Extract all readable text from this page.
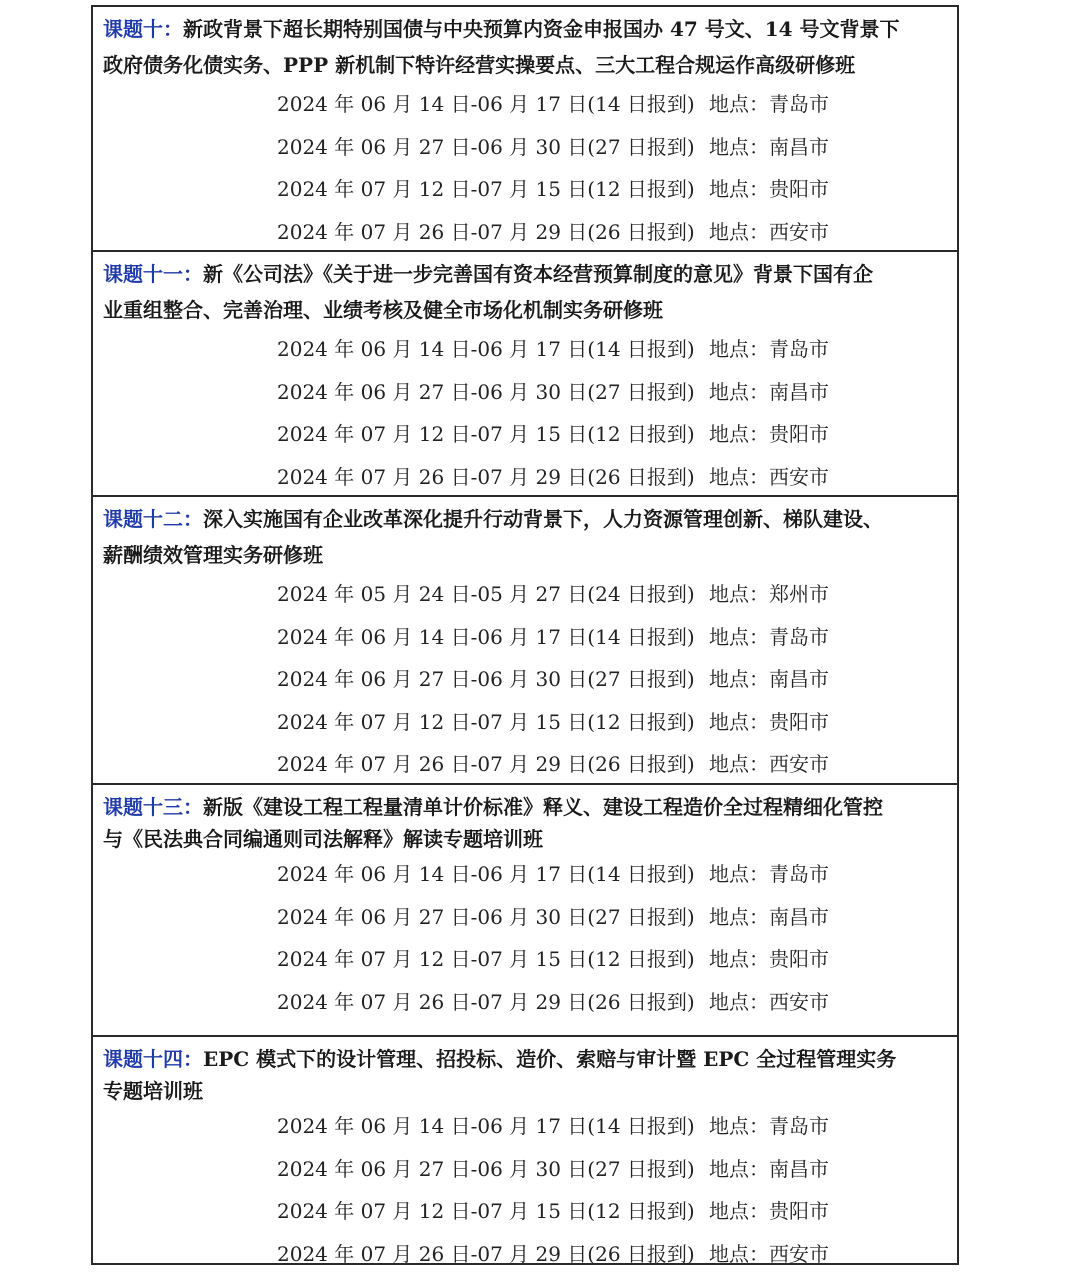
课题十：新政背景下超长期特别国债与中央预算内资金申报国办 47 号文、14 号文背景下
政府债务化债实务、PPP 新机制下特许经营实操要点、三大工程合规运作高级研修班
2024 年 06 月 14 日-06 月 17 日(14 日报到) 地点：青岛市
2024 年 06 月 27 日-06 月 30 日(27 日报到) 地点：南昌市
2024 年 07 月 12 日-07 月 15 日(12 日报到) 地点：贵阳市
2024 年 07 月 26 日-07 月 29 日(26 日报到) 地点：西安市
课题十一：新《公司法》《关于进一步完善国有资本经营预算制度的意见》背景下国有企
业重组整合、完善治理、业绩考核及健全市场化机制实务研修班
2024 年 06 月 14 日-06 月 17 日(14 日报到) 地点：青岛市
2024 年 06 月 27 日-06 月 30 日(27 日报到) 地点：南昌市
2024 年 07 月 12 日-07 月 15 日(12 日报到) 地点：贵阳市
2024 年 07 月 26 日-07 月 29 日(26 日报到) 地点：西安市
课题十二：深入实施国有企业改革深化提升行动背景下，人力资源管理创新、梯队建设、
薪酬绩效管理实务研修班
2024 年 05 月 24 日-05 月 27 日(24 日报到) 地点：郑州市
2024 年 06 月 14 日-06 月 17 日(14 日报到) 地点：青岛市
2024 年 06 月 27 日-06 月 30 日(27 日报到) 地点：南昌市
2024 年 07 月 12 日-07 月 15 日(12 日报到) 地点：贵阳市
2024 年 07 月 26 日-07 月 29 日(26 日报到) 地点：西安市
课题十三：新版《建设工程工程量清单计价标准》释义、建设工程造价全过程精细化管控
与《民法典合同编通则司法解释》解读专题培训班
2024 年 06 月 14 日-06 月 17 日(14 日报到) 地点：青岛市
2024 年 06 月 27 日-06 月 30 日(27 日报到) 地点：南昌市
2024 年 07 月 12 日-07 月 15 日(12 日报到) 地点：贵阳市
2024 年 07 月 26 日-07 月 29 日(26 日报到) 地点：西安市
课题十四：EPC 模式下的设计管理、招投标、造价、索赔与审计暨 EPC 全过程管理实务
专题培训班
2024 年 06 月 14 日-06 月 17 日(14 日报到) 地点：青岛市
2024 年 06 月 27 日-06 月 30 日(27 日报到) 地点：南昌市
2024 年 07 月 12 日-07 月 15 日(12 日报到) 地点：贵阳市
2024 年 07 月 26 日-07 月 29 日(26 日报到) 地点：西安市
